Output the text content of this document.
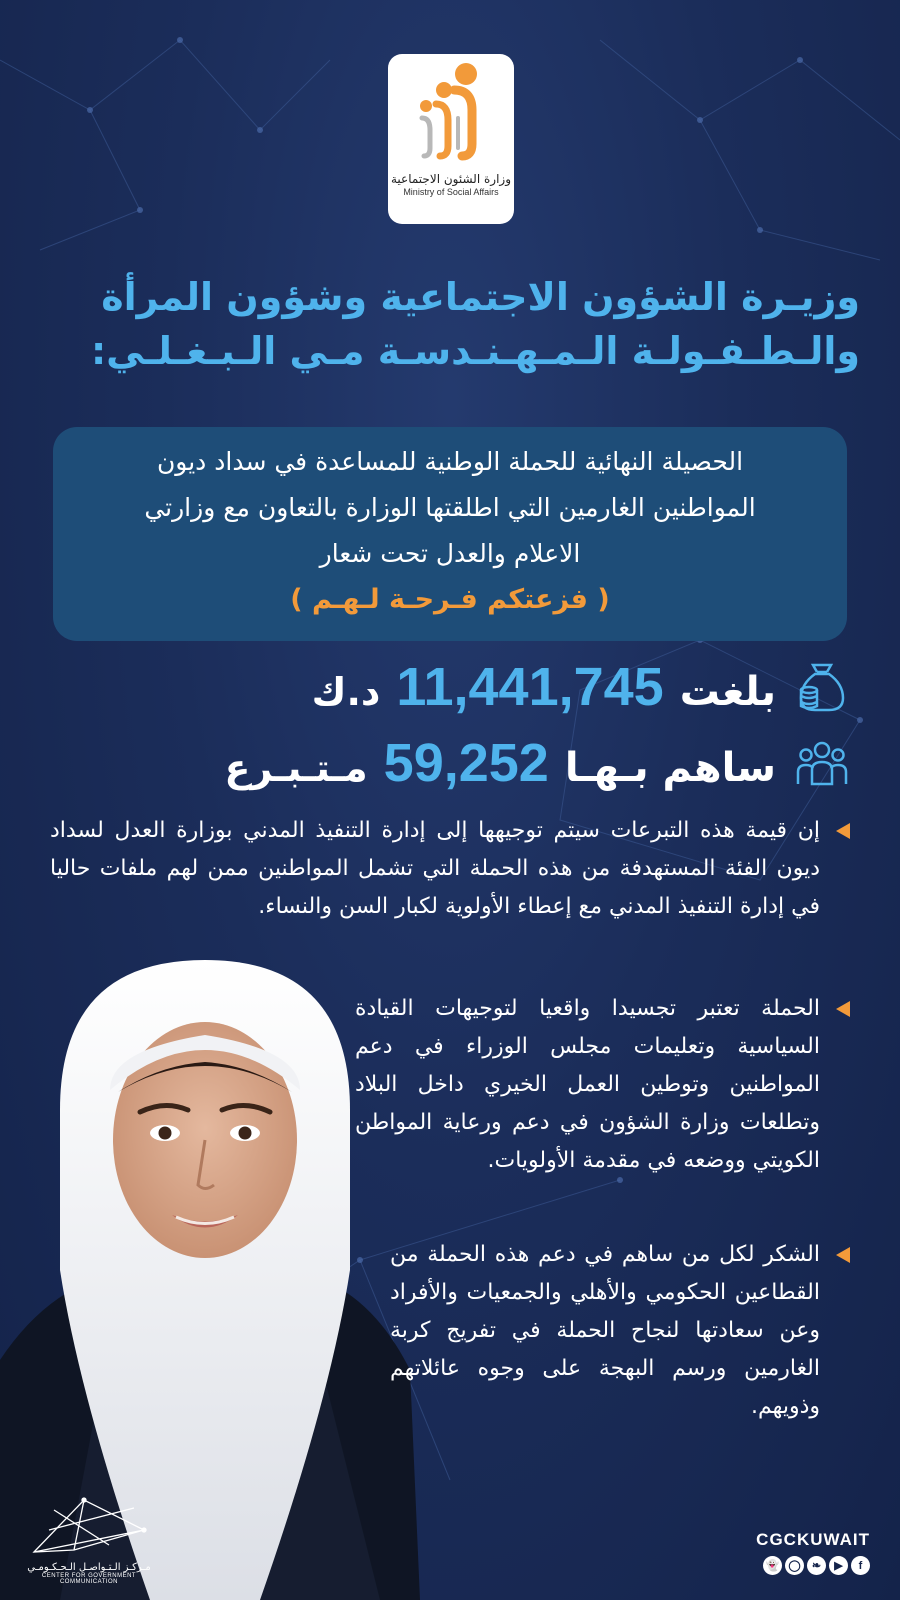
وزارة الشئون الاجتماعية
Ministry of Social Affairs
وزيـرة الشؤون الاجتماعية وشؤون المرأة
والـطـفـولـة الـمـهـنـدسـة مـي الـبـغـلـي:
الحصيلة النهائية للحملة الوطنية للمساعدة في سداد ديون
المواطنين الغارمين التي اطلقتها الوزارة بالتعاون مع وزارتي
الاعلام والعدل تحت شعار
( فزعتكم فـرحـة لـهـم )
بلغت
11,441,745
د.ك
ساهم بـهـا
59,252
مـتـبـرع
إن قيمة هذه التبرعات سيتم توجيهها إلى إدارة التنفيذ المدني بوزارة العدل لسداد ديون الفئة المستهدفة من هذه الحملة التي تشمل المواطنين ممن لهم ملفات حاليا في إدارة التنفيذ المدني مع إعطاء الأولوية لكبار السن والنساء.
الحملة تعتبر تجسيدا واقعيا لتوجيهات القيادة السياسية وتعليمات مجلس الوزراء في دعم المواطنين وتوطين العمل الخيري داخل البلاد وتطلعات وزارة الشؤون في دعم ورعاية المواطن الكويتي ووضعه في مقدمة الأولويات.
الشكر لكل من ساهم في دعم هذه الحملة من القطاعين الحكومي والأهلي والجمعيات والأفراد وعن سعادتها لنجاح الحملة في تفريج كربة الغارمين ورسم البهجة على وجوه عائلاتهم وذويهم.
مـركـز الـتـواصـل الـحـكـومـي
CENTER FOR GOVERNMENT COMMUNICATION
CGCKUWAIT
👻 ◯	❧	▶	f
